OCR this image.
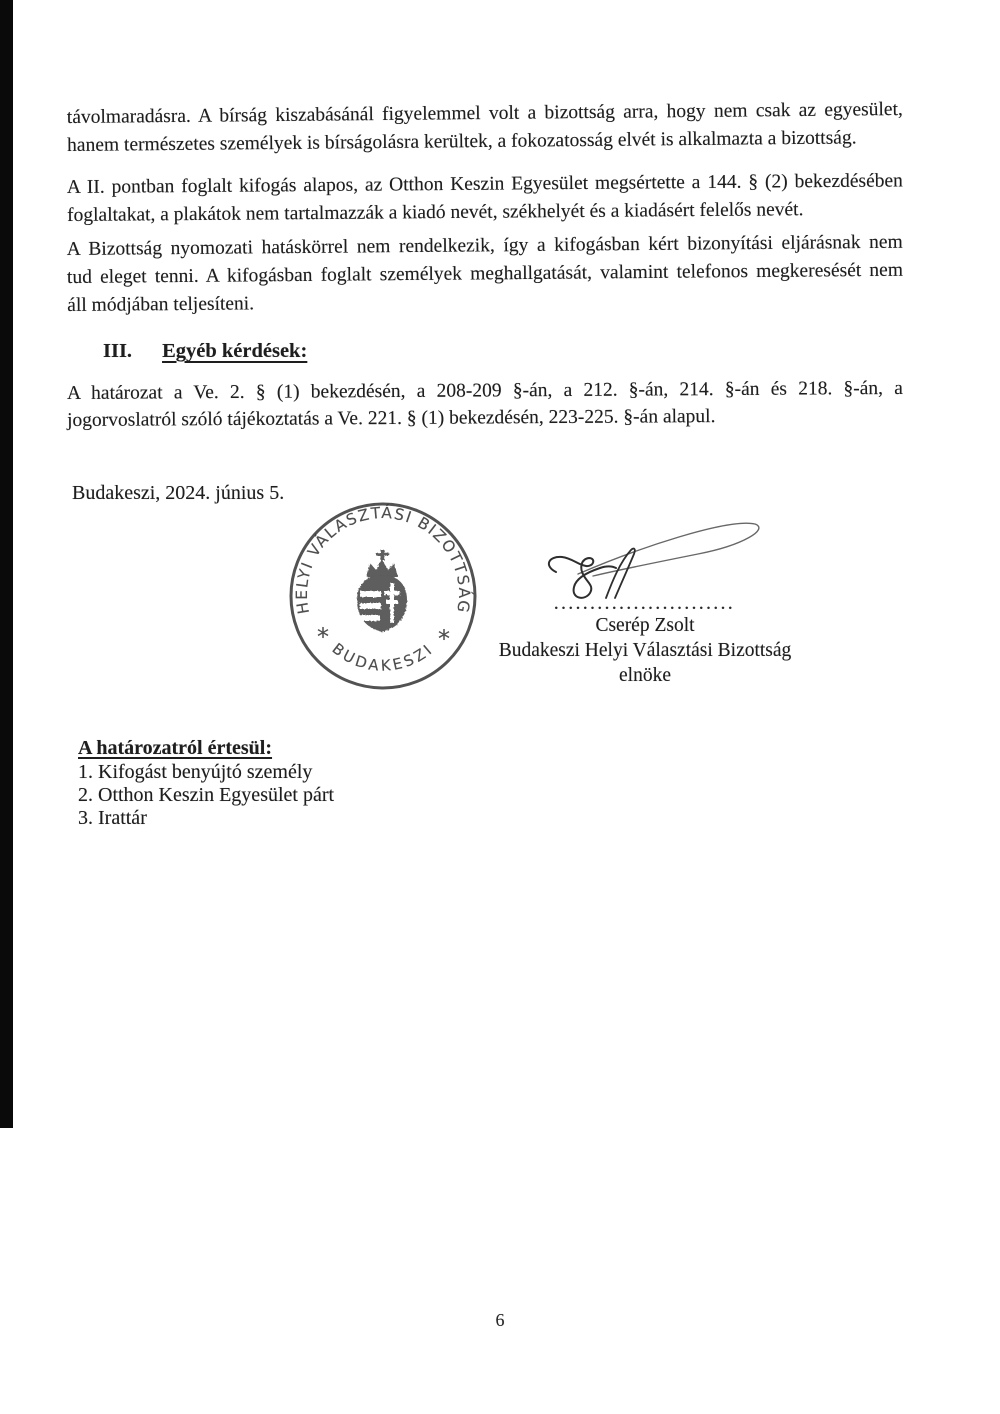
távolmaradásra. A bírság kiszabásánál figyelemmel volt a bizottság arra, hogy nem csak az egyesület,
hanem természetes személyek is bírságolásra kerültek, a fokozatosság elvét is alkalmazta a bizottság.
A II. pontban foglalt kifogás alapos, az Otthon Keszin Egyesület megsértette a 144. § (2) bekezdésében
foglaltakat, a plakátok nem tartalmazzák a kiadó nevét, székhelyét és a kiadásért felelős nevét.
A Bizottság nyomozati hatáskörrel nem rendelkezik, így a kifogásban kért bizonyítási eljárásnak nem
tud eleget tenni. A kifogásban foglalt személyek meghallgatását, valamint telefonos megkeresését nem
áll módjában teljesíteni.
III. Egyéb kérdések:
A határozat a Ve. 2. § (1) bekezdésén, a 208-209 §-án, a 212. §-án, 214. §-án és 218. §-án, a
jogorvoslatról szóló tájékoztatás a Ve. 221. § (1) bekezdésén, 223-225. §-án alapul.
Budakeszi, 2024. június 5.
HELYI VÁLASZTÁSI BIZOTTSÁG
BUDAKESZI
*	*
.........................
Cserép Zsolt
Budakeszi Helyi Választási Bizottság
elnöke
A határozatról értesül:
1. Kifogást benyújtó személy
2. Otthon Keszin Egyesület párt
3. Irattár
6
